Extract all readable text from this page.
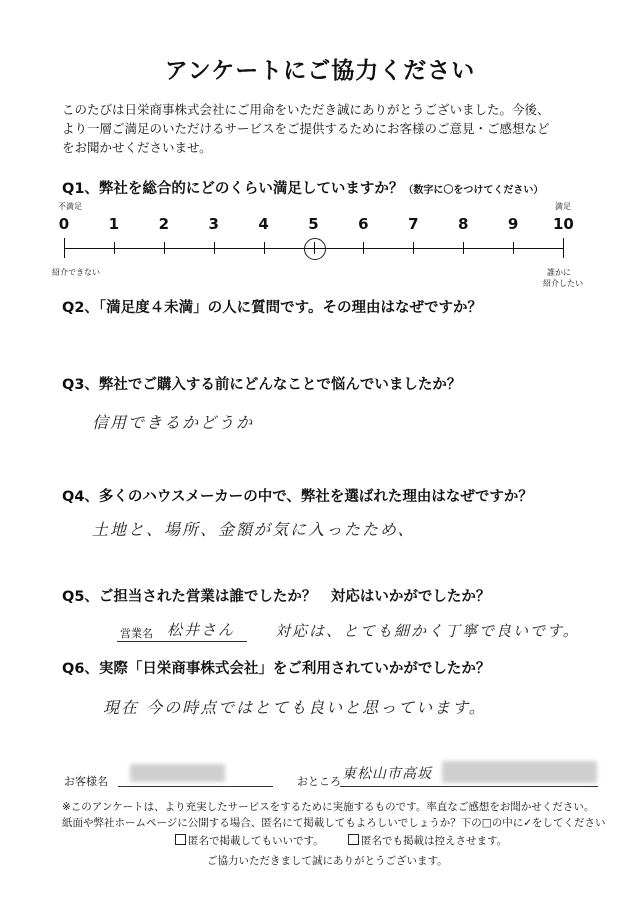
アンケートにご協力ください
このたびは日栄商事株式会社にご用命をいただき誠にありがとうございました。今後、
より一層ご満足のいただけるサービスをご提供するためにお客様のご意見・ご感想など
をお聞かせくださいませ。
Q1、弊社を総合的にどのくらい満足していますか？（数字に〇をつけてください）
不満足	満足
0	1	2	3	4	5	6	7	8	9	10
紹介できない	誰かに
紹介したい
Q2、「満足度４未満」の人に質問です。その理由はなぜですか？
Q3、弊社でご購入する前にどんなことで悩んでいましたか？
信用できるかどうか
Q4、多くのハウスメーカーの中で、弊社を選ばれた理由はなぜですか？
土地と、場所、金額が気に入ったため、
Q5、ご担当された営業は誰でしたか？　対応はいかがでしたか？
営業名 松井さん	対応は、とても細かく丁寧で良いです。
Q6、実際「日栄商事株式会社」をご利用されていかがでしたか？
現在 今の時点ではとても良いと思っています。
お客様名	おところ 東松山市高坂
※このアンケートは、より充実したサービスをするために実施するものです。率直なご感想をお聞かせください。
紙面や弊社ホームページに公開する場合、匿名にて掲載してもよろしいでしょうか？下の□の中に✓をしてください
匿名で掲載してもいいです。	匿名でも掲載は控えさせます。
ご協力いただきまして誠にありがとうございます。
